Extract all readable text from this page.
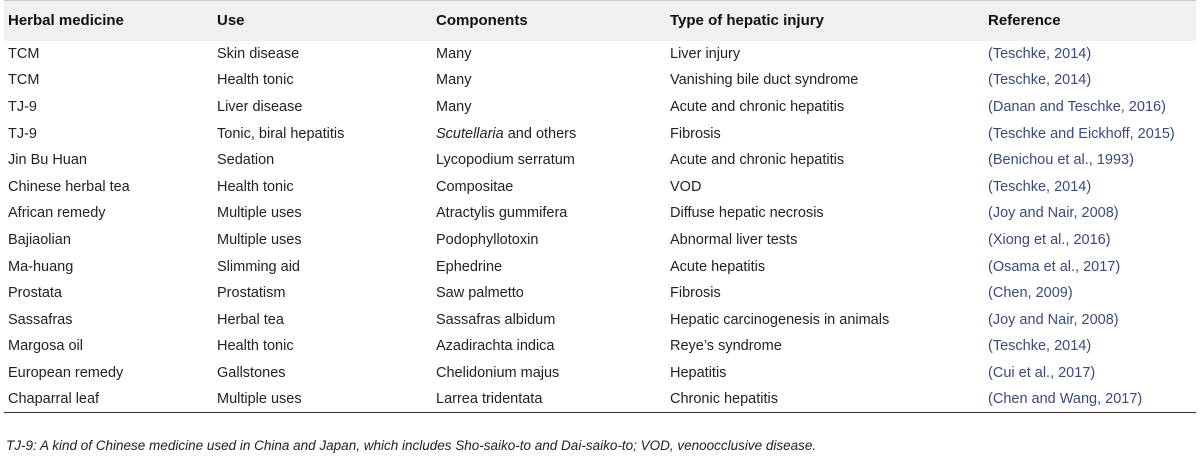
Herbal medicine	Use	Components	Type of hepatic injury	Reference
TCM	Skin disease	Many	Liver injury	(Teschke, 2014)
TCM	Health tonic	Many	Vanishing bile duct syndrome	(Teschke, 2014)
TJ-9	Liver disease	Many	Acute and chronic hepatitis	(Danan and Teschke, 2016)
TJ-9	Tonic, biral hepatitis	Scutellaria and others	Fibrosis	(Teschke and Eickhoff, 2015)
Jin Bu Huan	Sedation	Lycopodium serratum	Acute and chronic hepatitis	(Benichou et al., 1993)
Chinese herbal tea	Health tonic	Compositae	VOD	(Teschke, 2014)
African remedy	Multiple uses	Atractylis gummifera	Diffuse hepatic necrosis	(Joy and Nair, 2008)
Bajiaolian	Multiple uses	Podophyllotoxin	Abnormal liver tests	(Xiong et al., 2016)
Ma-huang	Slimming aid	Ephedrine	Acute hepatitis	(Osama et al., 2017)
Prostata	Prostatism	Saw palmetto	Fibrosis	(Chen, 2009)
Sassafras	Herbal tea	Sassafras albidum	Hepatic carcinogenesis in animals	(Joy and Nair, 2008)
Margosa oil	Health tonic	Azadirachta indica	Reye’s syndrome	(Teschke, 2014)
European remedy	Gallstones	Chelidonium majus	Hepatitis	(Cui et al., 2017)
Chaparral leaf	Multiple uses	Larrea tridentata	Chronic hepatitis	(Chen and Wang, 2017)
TJ-9: A kind of Chinese medicine used in China and Japan, which includes Sho-saiko-to and Dai-saiko-to; VOD, venoocclusive disease.
